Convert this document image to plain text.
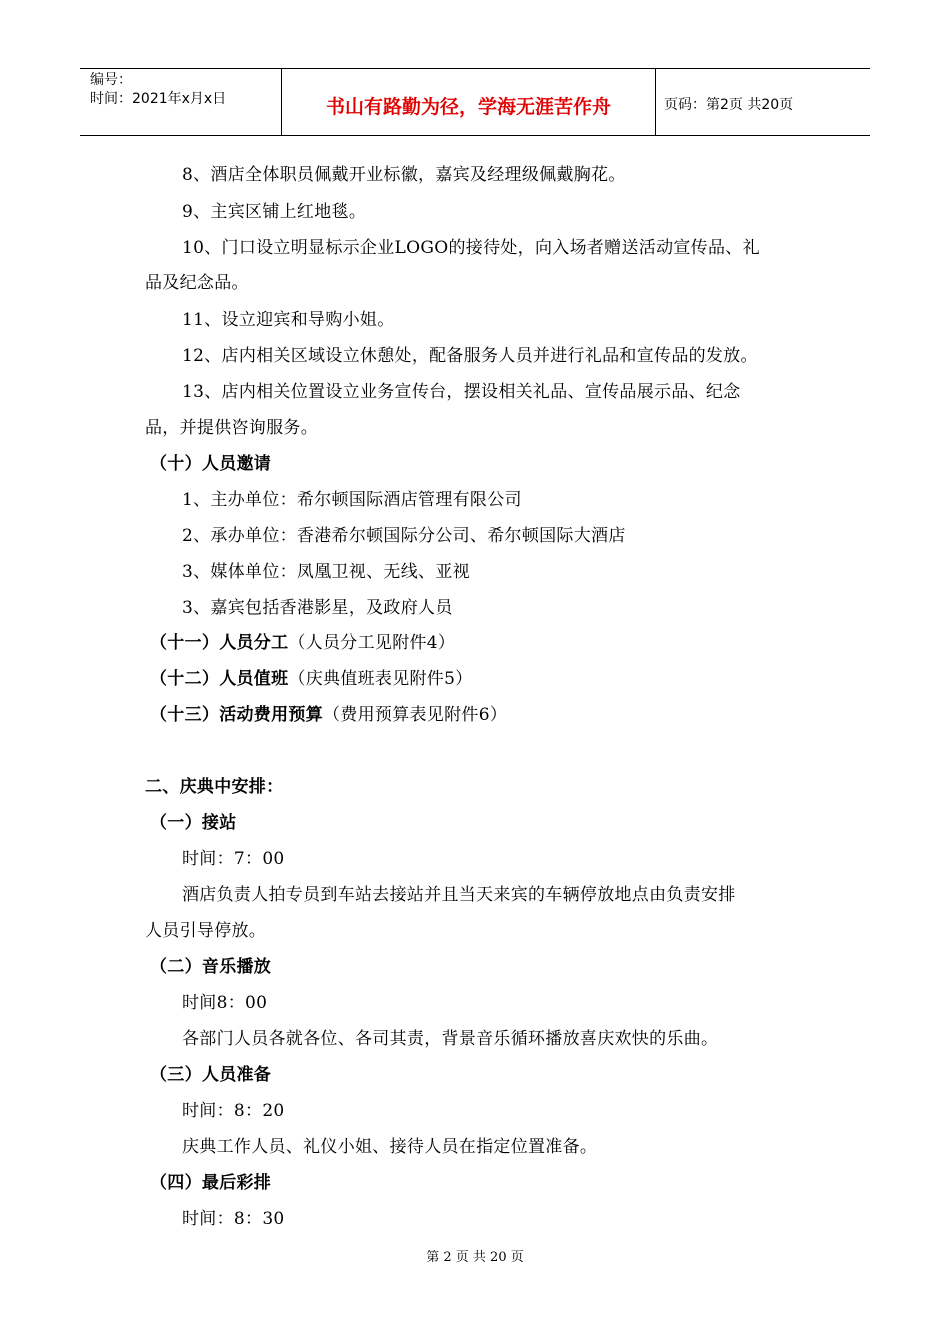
编号：
时间：2021年x月x日	书山有路勤为径，学海无涯苦作舟	页码：第2页 共20页
8、酒店全体职员佩戴开业标徽，嘉宾及经理级佩戴胸花。
9、主宾区铺上红地毯。
10、门口设立明显标示企业LOGO的接待处，向入场者赠送活动宣传品、礼
品及纪念品。
11、设立迎宾和导购小姐。
12、店内相关区域设立休憩处，配备服务人员并进行礼品和宣传品的发放。
13、店内相关位置设立业务宣传台，摆设相关礼品、宣传品展示品、纪念
品，并提供咨询服务。
（十）人员邀请
1、主办单位：希尔顿国际酒店管理有限公司
2、承办单位：香港希尔顿国际分公司、希尔顿国际大酒店
3、媒体单位：凤凰卫视、无线、亚视
3、嘉宾包括香港影星，及政府人员
（十一）人员分工（人员分工见附件4）
（十二）人员值班（庆典值班表见附件5）
（十三）活动费用预算（费用预算表见附件6）
二、庆典中安排：
（一）接站
时间：7：00
酒店负责人拍专员到车站去接站并且当天来宾的车辆停放地点由负责安排
人员引导停放。
（二）音乐播放
时间8：00
各部门人员各就各位、各司其责，背景音乐循环播放喜庆欢快的乐曲。
（三）人员准备
时间：8：20
庆典工作人员、礼仪小姐、接待人员在指定位置准备。
（四）最后彩排
时间：8：30
第 2 页 共 20 页
